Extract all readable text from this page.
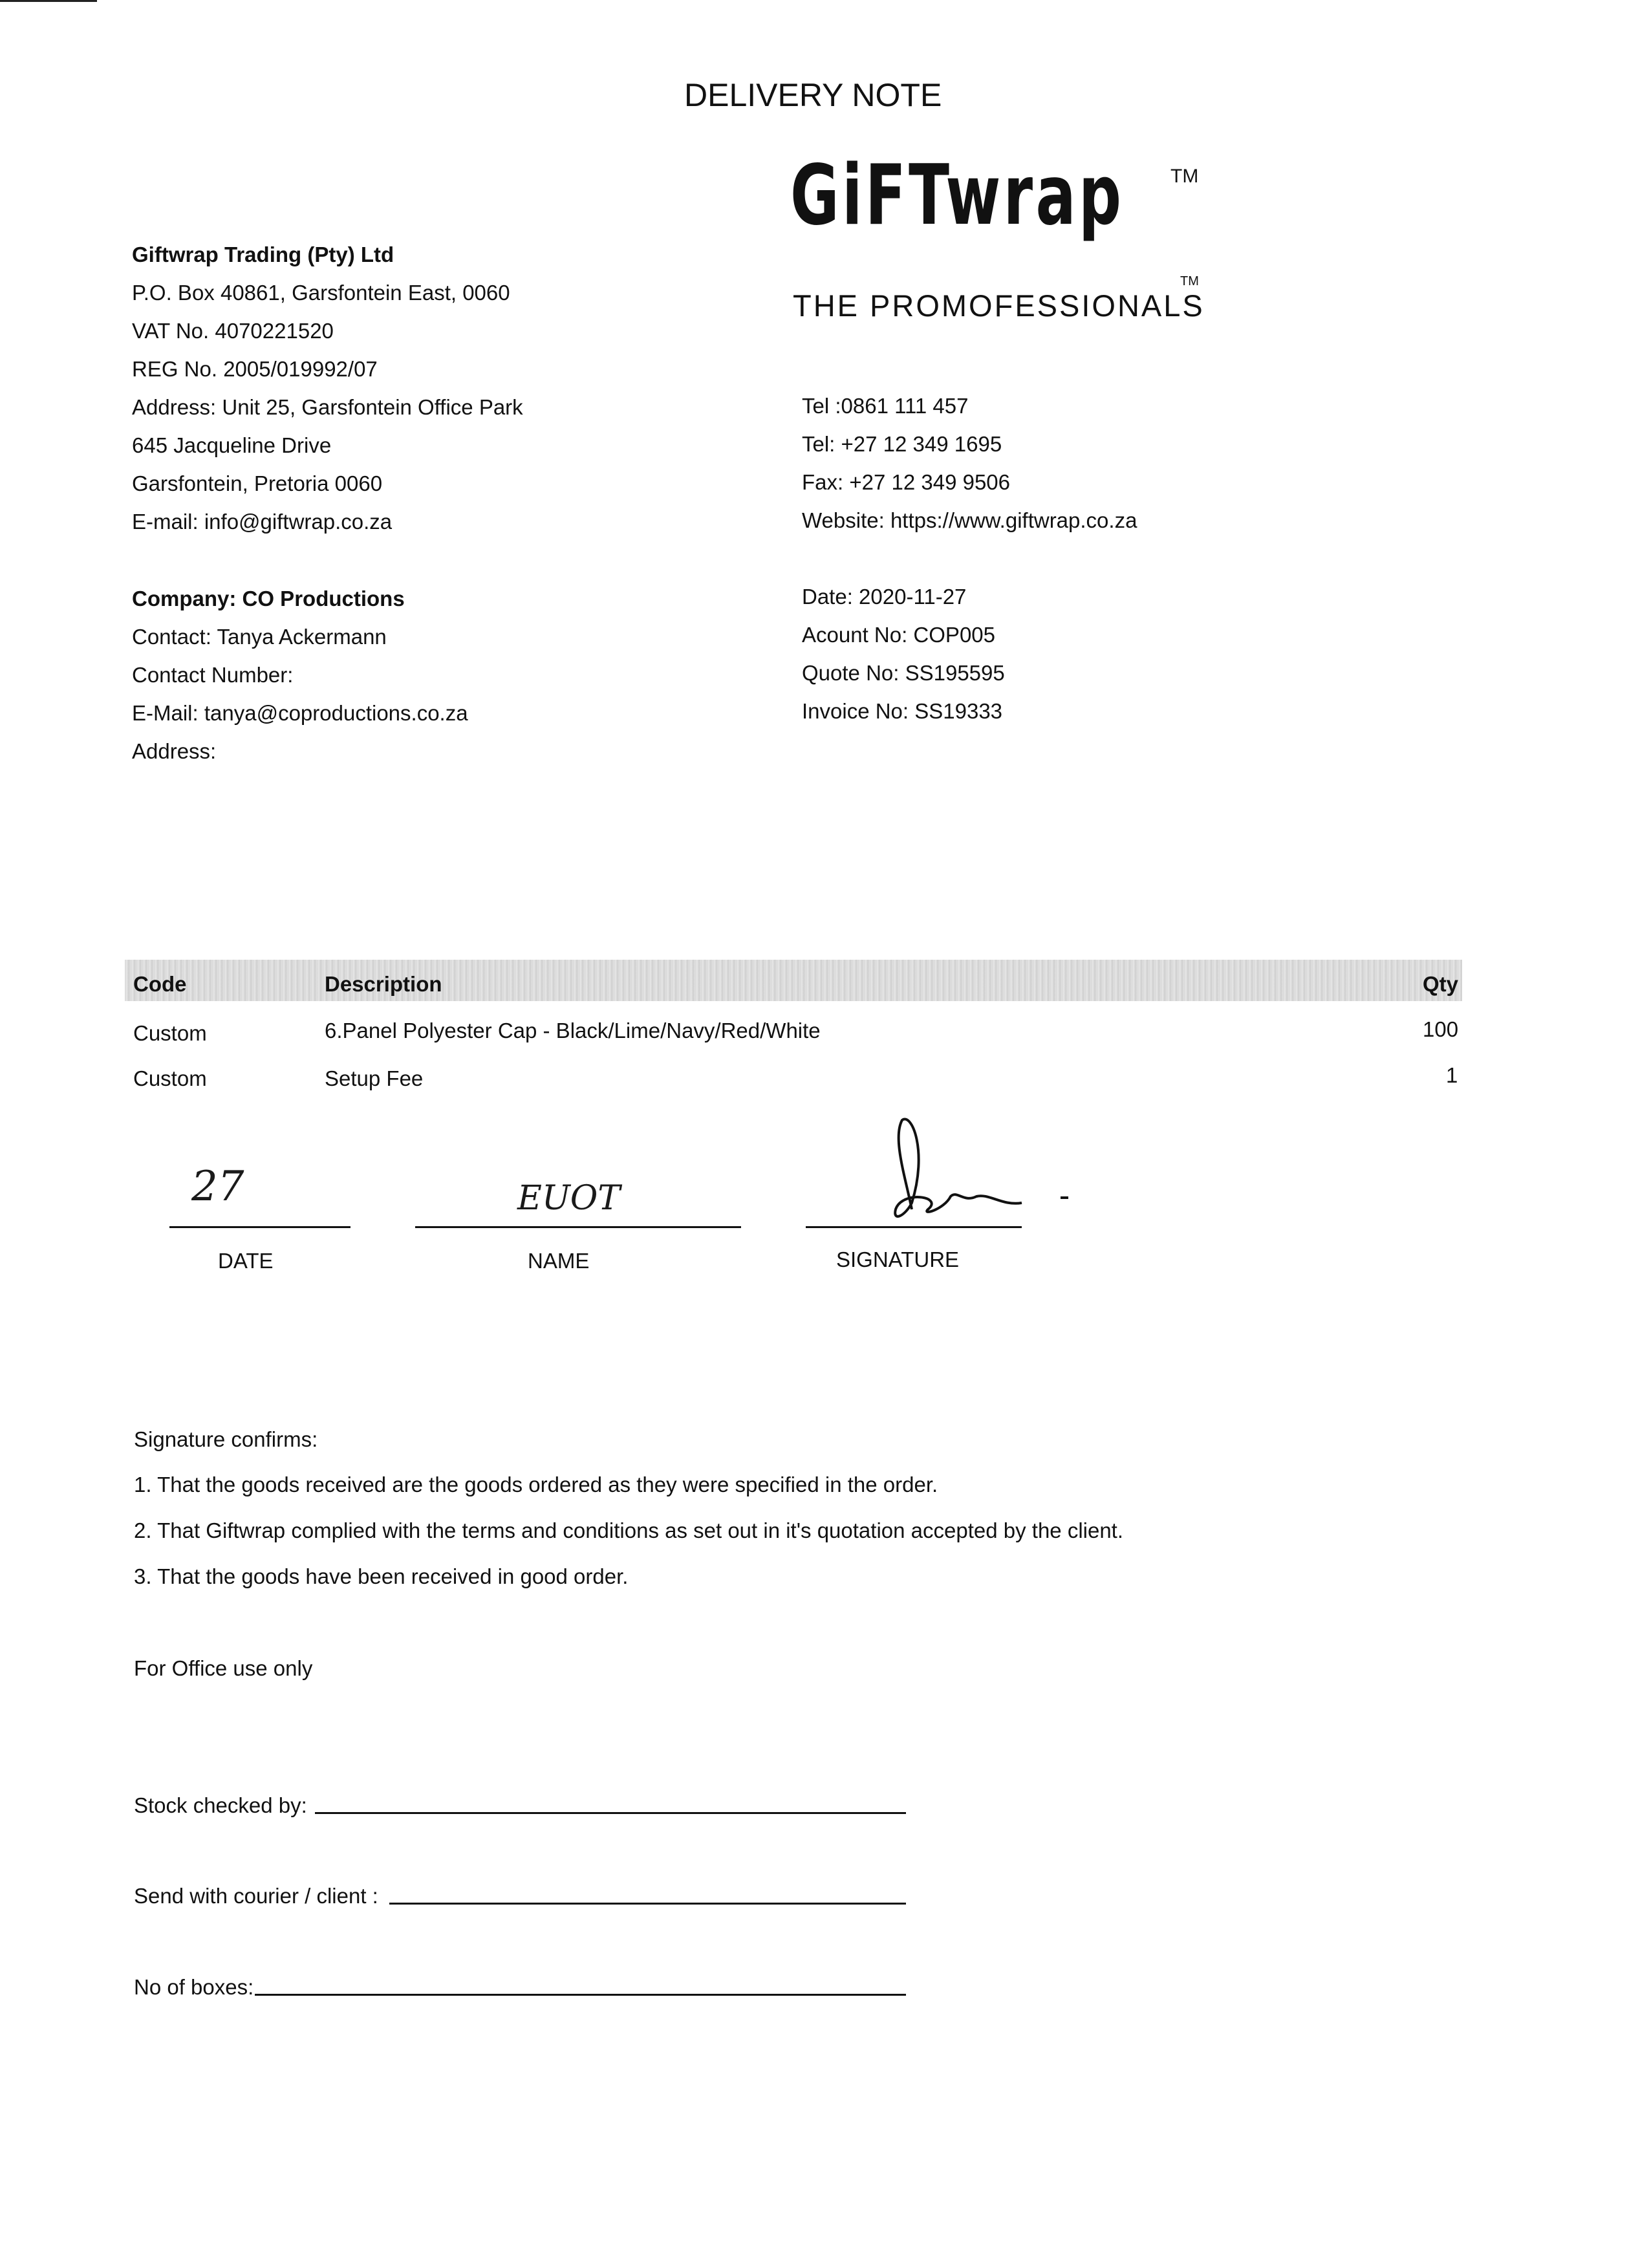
DELIVERY NOTE
GiFTwrap TM
THE PROMOFESSIONALS
TM
Giftwrap Trading (Pty) Ltd
P.O. Box 40861, Garsfontein East, 0060
VAT No. 4070221520
REG No. 2005/019992/07
Address: Unit 25, Garsfontein Office Park
645 Jacqueline Drive
Garsfontein, Pretoria 0060
E-mail: info@giftwrap.co.za
Tel :0861 111 457
Tel: +27 12 349 1695
Fax: +27 12 349 9506
Website: https://www.giftwrap.co.za
Company: CO Productions
Contact: Tanya Ackermann
Contact Number:
E-Mail: tanya@coproductions.co.za
Address:
Date: 2020-11-27
Acount No: COP005
Quote No: SS195595
Invoice No: SS19333
Code	Description	Qty
Custom	6.Panel Polyester Cap - Black/Lime/Navy/Red/White	100
Custom	Setup Fee	1
27
DATE
EUOT
NAME	SIGNATURE
Signature confirms:
1. That the goods received are the goods ordered as they were specified in the order.
2. That Giftwrap complied with the terms and conditions as set out in it's quotation accepted by the client.
3. That the goods have been received in good order.
For Office use only
Stock checked by:
Send with courier / client :
No of boxes:
